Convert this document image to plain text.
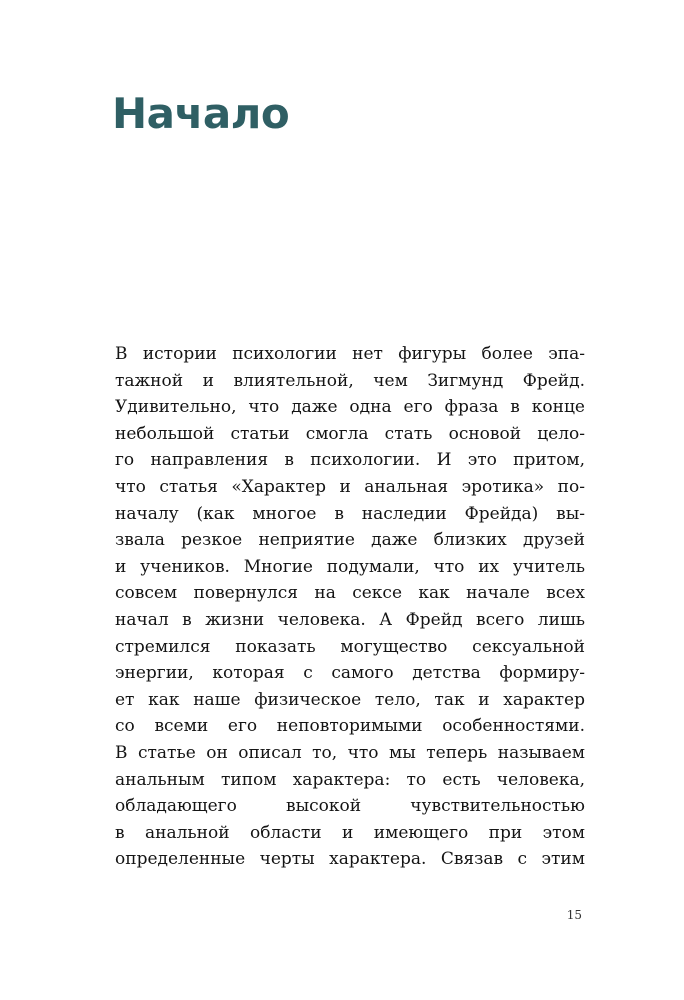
Начало
В истории психологии нет фигуры более эпа-
тажной и влиятельной, чем Зигмунд Фрейд.
Удивительно, что даже одна его фраза в конце
небольшой статьи смогла стать основой цело-
го направления в психологии. И это притом,
что статья «Характер и анальная эротика» по-
началу (как многое в наследии Фрейда) вы-
звала резкое неприятие даже близких друзей
и учеников. Многие подумали, что их учитель
совсем повернулся на сексе как начале всех
начал в жизни человека. А Фрейд всего лишь
стремился показать могущество сексуальной
энергии, которая с самого детства формиру-
ет как наше физическое тело, так и характер
со всеми его неповторимыми особенностями.
В статье он описал то, что мы теперь называем
анальным типом характера: то есть человека,
обладающего высокой чувствительностью
в анальной области и имеющего при этом
определенные черты характера. Связав с этим
15
